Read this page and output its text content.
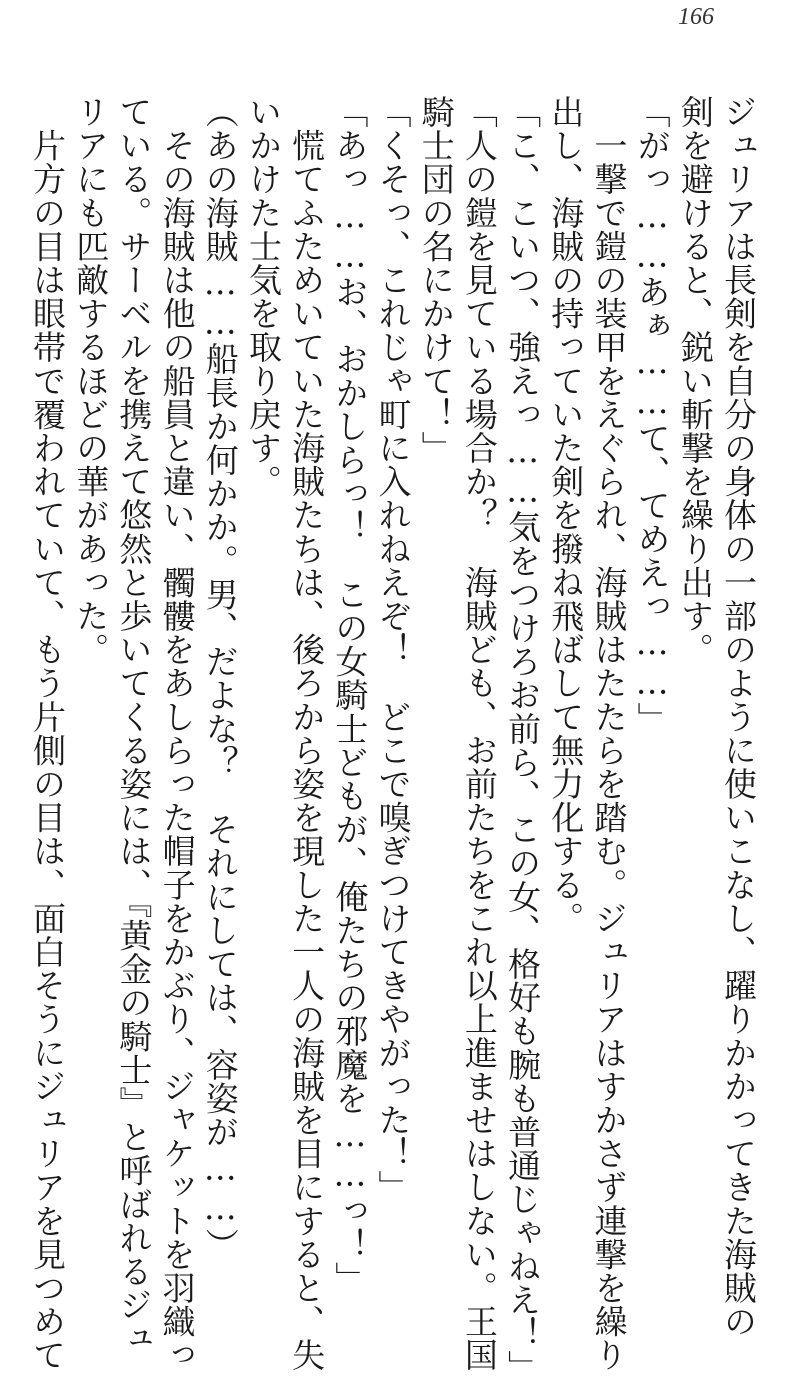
166
ジュリアは長剣を自分の身体の一部のように使いこなし、躍りかかってきた海賊の
剣を避けると、鋭い斬撃を繰り出す。
「がっ……あぁ……て、てめえっ……」
　一撃で鎧の装甲をえぐられ、海賊はたたらを踏む。ジュリアはすかさず連撃を繰り
出し、海賊の持っていた剣を撥ね飛ばして無力化する。
「こ、こいつ、強えっ……気をつけろお前ら、この女、格好も腕も普通じゃねえ！」
「人の鎧を見ている場合か？　海賊ども、お前たちをこれ以上進ませはしない。王国
騎士団の名にかけて！」
「くそっ、これじゃ町に入れねえぞ！　どこで嗅ぎつけてきやがった！」
「あっ……お、おかしらっ！　この女騎士どもが、俺たちの邪魔を……っ！」
　慌てふためいていた海賊たちは、後ろから姿を現した一人の海賊を目にすると、失
いかけた士気を取り戻す。
（あの海賊……船長か何かか。男、だよな？　それにしては、容姿が……）
　その海賊は他の船員と違い、髑髏をあしらった帽子をかぶり、ジャケットを羽織っ
ている。サーベルを携えて悠然と歩いてくる姿には、『黄金の騎士』と呼ばれるジュ
リアにも匹敵するほどの華があった。
　片方の目は眼帯で覆われていて、もう片側の目は、面白そうにジュリアを見つめて
